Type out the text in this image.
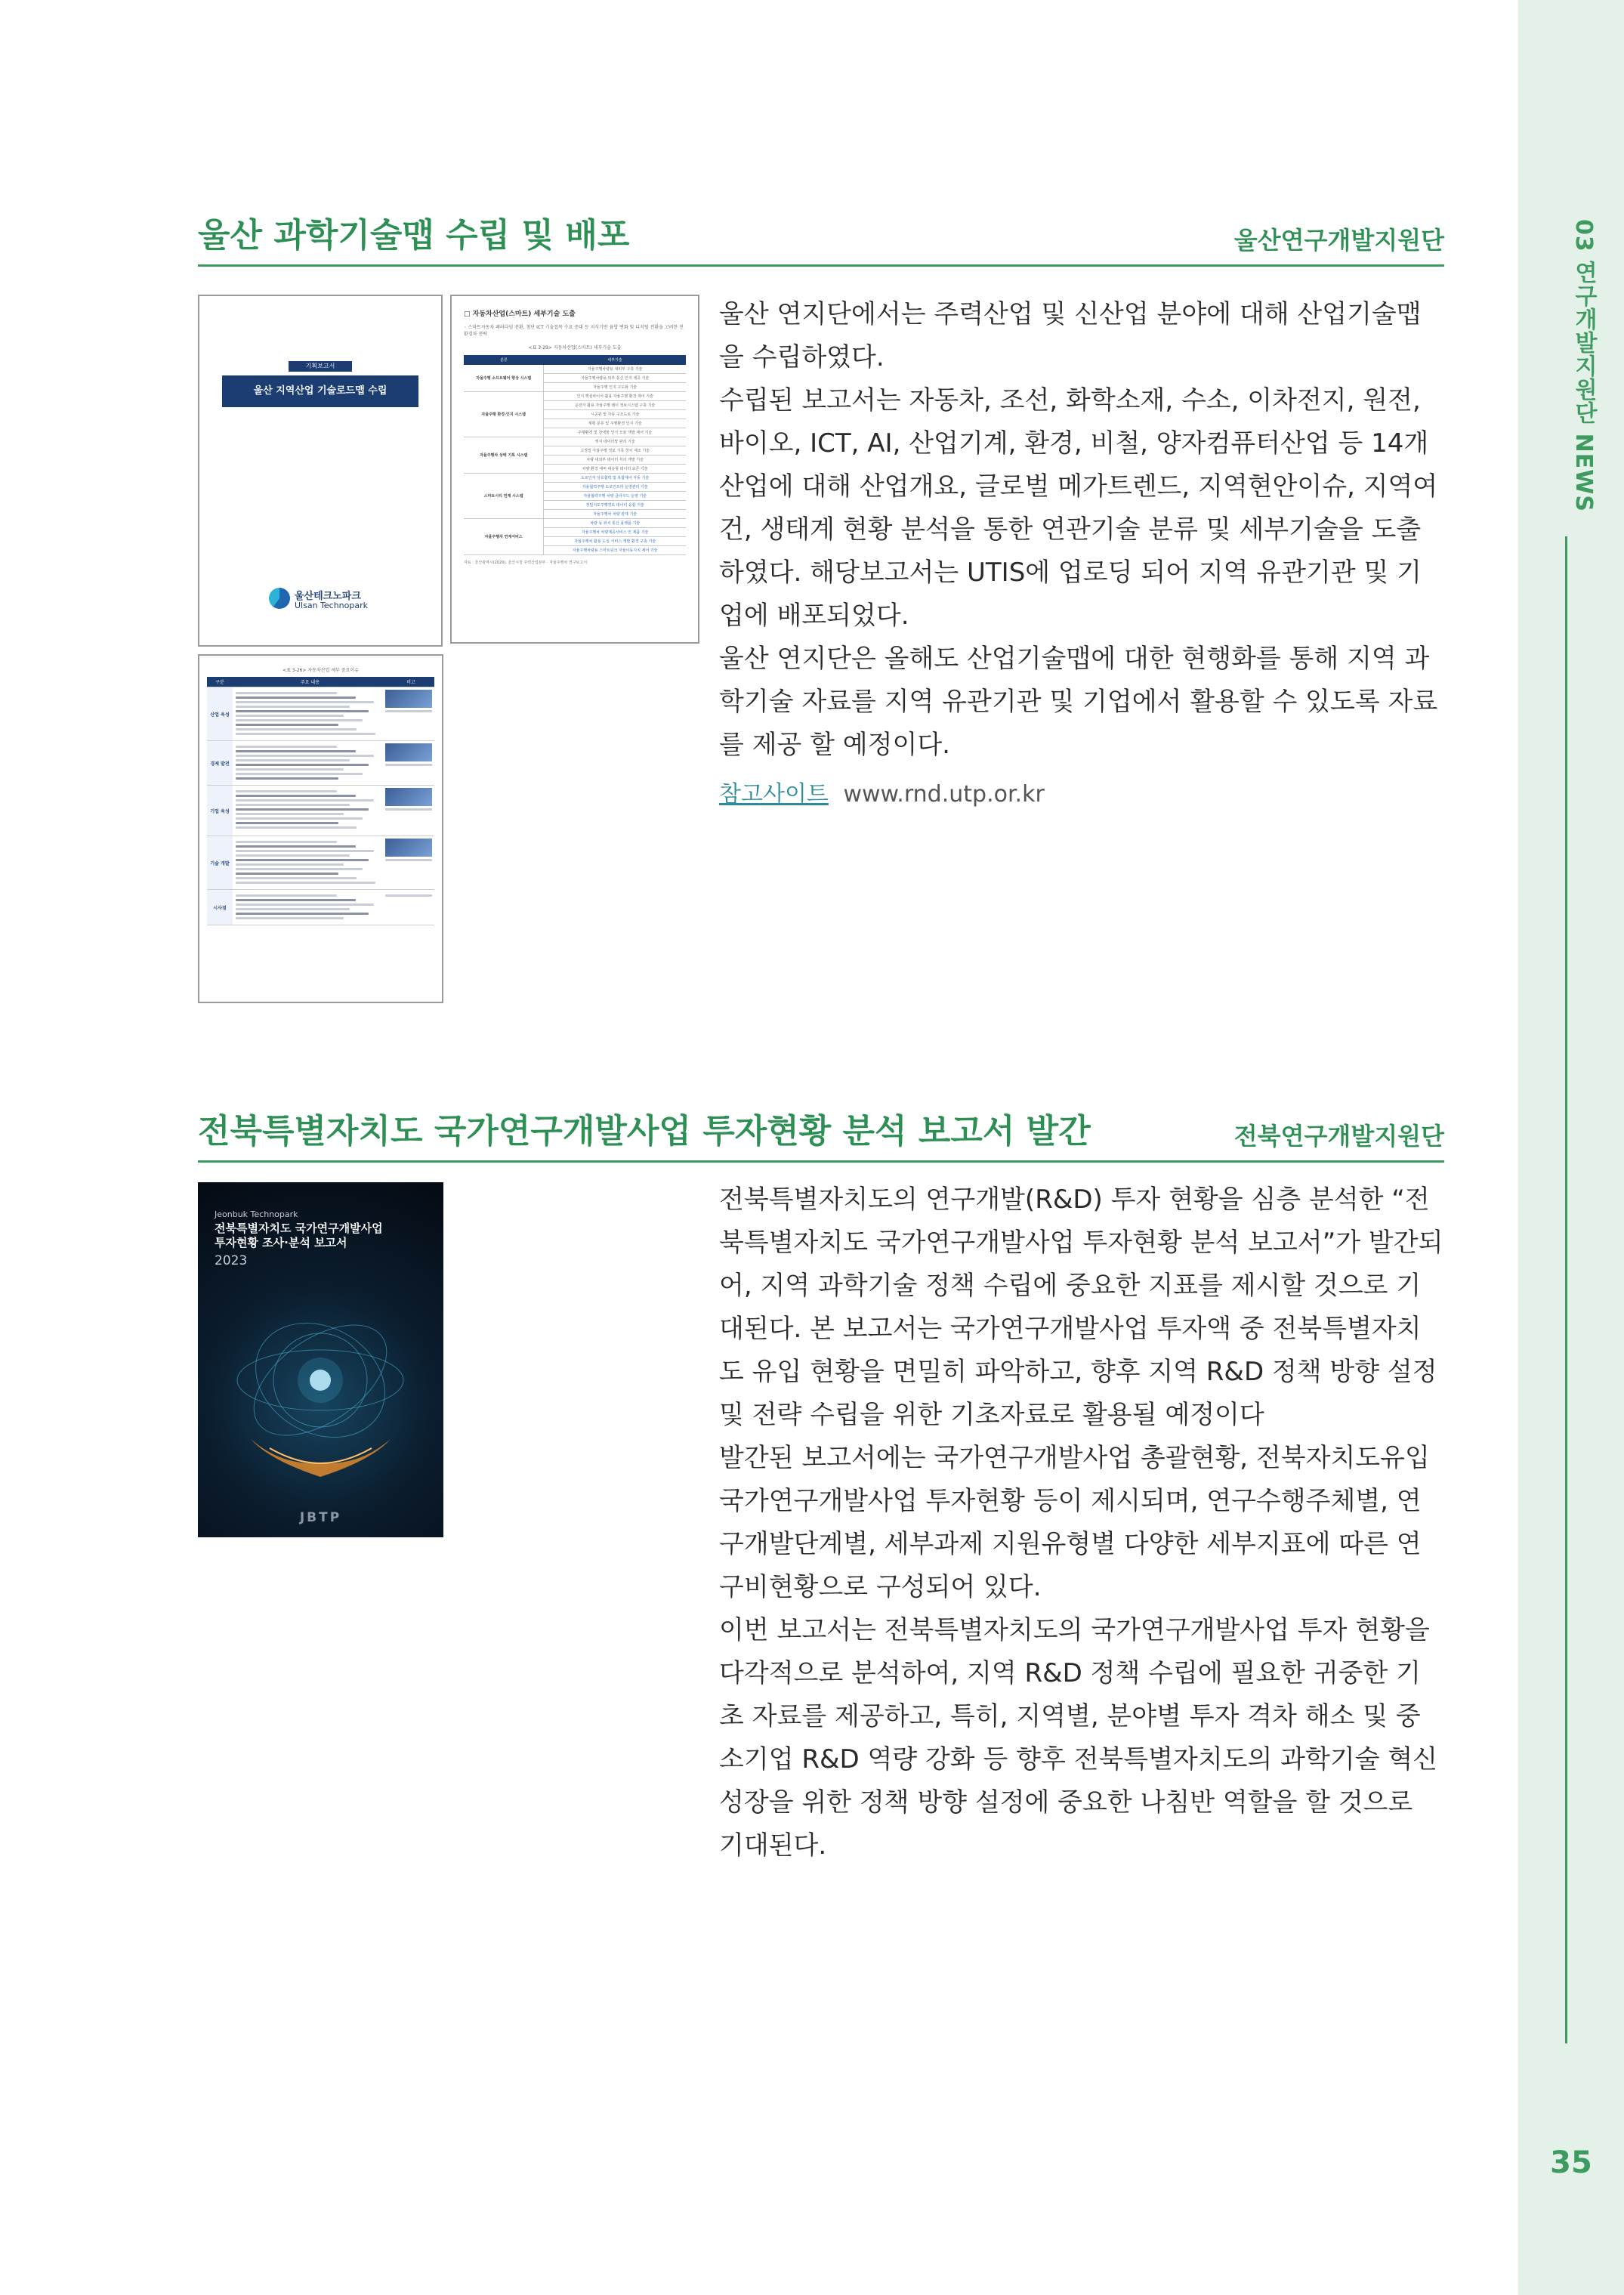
03 연구개발지원단 NEWS
35
울산 과학기술맵 수립 및 배포	울산연구개발지원단
기획보고서
울산 지역산업 기술로드맵 수립
울산테크노파크
Ulsan Technopark
□ 자동차산업(스마트) 세부기술 도출
◦ 스마트자동차 패러다임 전환, 첨단 ICT 기술접목 수요 증대 등 지식기반 융합 변화 및 디지털 전환을 고려한 친환경차 전략
<표 3-29> 자동차산업(스마트) 세부기술 도출
분류	세부기술
자율주행 소프트웨어 향상 시스템	자율주행차량용 내외부 구축 기술
	자율주행차량용 외부 통신 인지 제공 기술
	자율주행 인지 고도화 기술
자율주행 환경·인지 시스템	인지 핵심파이어 활용 자율주행 환경 제어 기술
	운전자 활용 자율주행 레이 정보시스템 구축 기술
	시공관 및 자동 구조도로 기술
	계획 분류 및 주행환경 인지 기술
	주행환경 및 장애물 인식 모듈 개발 제어 기술
자율주행차 상태 기록 시스템	엣지 데이터망 관리 기술
	고정밀 자율주행 정보 기록 장치 제조 기술
	차량 내외부 데이터 처리 개발 기술
	차량 환경 대비 대응형 데이터 보존 기술
스마트시티 연계 시스템	도로인지 상호협력 및 복합제어 자동 기술
	자율협력주행 도로인프라 운영관리 기술
	자율협력주행 차량 클라우드 운영 기술
	정밀지도주행경로 데이터 융합 기술
	자율주행차 차량 관제 기술
자율주행차 연계서비스	차량 동 위치 통신 플랫폼 기술
	자율주행차 차량제공서비스 인 제품 기술
	자율주행차 활용 도심 서비스 개발 환경 구축 기술
	자율주행차량용 스마트워크 자율이동지치 제어 기술
자료 : 울산광역시(2020), 울산시청 주력산업본부 · 자율주행차 연구보고서
<표 3-26> 자동차산업 세부 중요이슈
구분	주요 내용	비고
산업 육성
경제 발전
기업 육성
기술 개발
시사점

울산 연지단에서는 주력산업 및 신산업 분야에 대해 산업기술맵을 수립하였다.

수립된 보고서는 자동차, 조선, 화학소재, 수소, 이차전지, 원전, 바이오, ICT, AI, 산업기계, 환경, 비철, 양자컴퓨터산업 등 14개 산업에 대해 산업개요, 글로벌 메가트렌드, 지역현안이슈, 지역여건, 생태계 현황 분석을 통한 연관기술 분류 및 세부기술을 도출하였다. 해당보고서는 UTIS에 업로딩 되어 지역 유관기관 및 기업에 배포되었다.

울산 연지단은 올해도 산업기술맵에 대한 현행화를 통해 지역 과학기술 자료를 지역 유관기관 및 기업에서 활용할 수 있도록 자료를 제공 할 예정이다.

참고사이트 www.rnd.utp.or.kr

전북특별자치도 국가연구개발사업 투자현황 분석 보고서 발간	전북연구개발지원단
Jeonbuk Technopark
전북특별자치도 국가연구개발사업
투자현황 조사·분석 보고서
2023
JBTP

전북특별자치도의 연구개발(R&D) 투자 현황을 심층 분석한 “전북특별자치도 국가연구개발사업 투자현황 분석 보고서”가 발간되어, 지역 과학기술 정책 수립에 중요한 지표를 제시할 것으로 기대된다. 본 보고서는 국가연구개발사업 투자액 중 전북특별자치도 유입 현황을 면밀히 파악하고, 향후 지역 R&D 정책 방향 설정 및 전략 수립을 위한 기초자료로 활용될 예정이다

발간된 보고서에는 국가연구개발사업 총괄현황, 전북자치도유입 국가연구개발사업 투자현황 등이 제시되며, 연구수행주체별, 연구개발단계별, 세부과제 지원유형별 다양한 세부지표에 따른 연구비현황으로 구성되어 있다.

이번 보고서는 전북특별자치도의 국가연구개발사업 투자 현황을 다각적으로 분석하여, 지역 R&D 정책 수립에 필요한 귀중한 기초 자료를 제공하고, 특히, 지역별, 분야별 투자 격차 해소 및 중소기업 R&D 역량 강화 등 향후 전북특별자치도의 과학기술 혁신 성장을 위한 정책 방향 설정에 중요한 나침반 역할을 할 것으로 기대된다.
